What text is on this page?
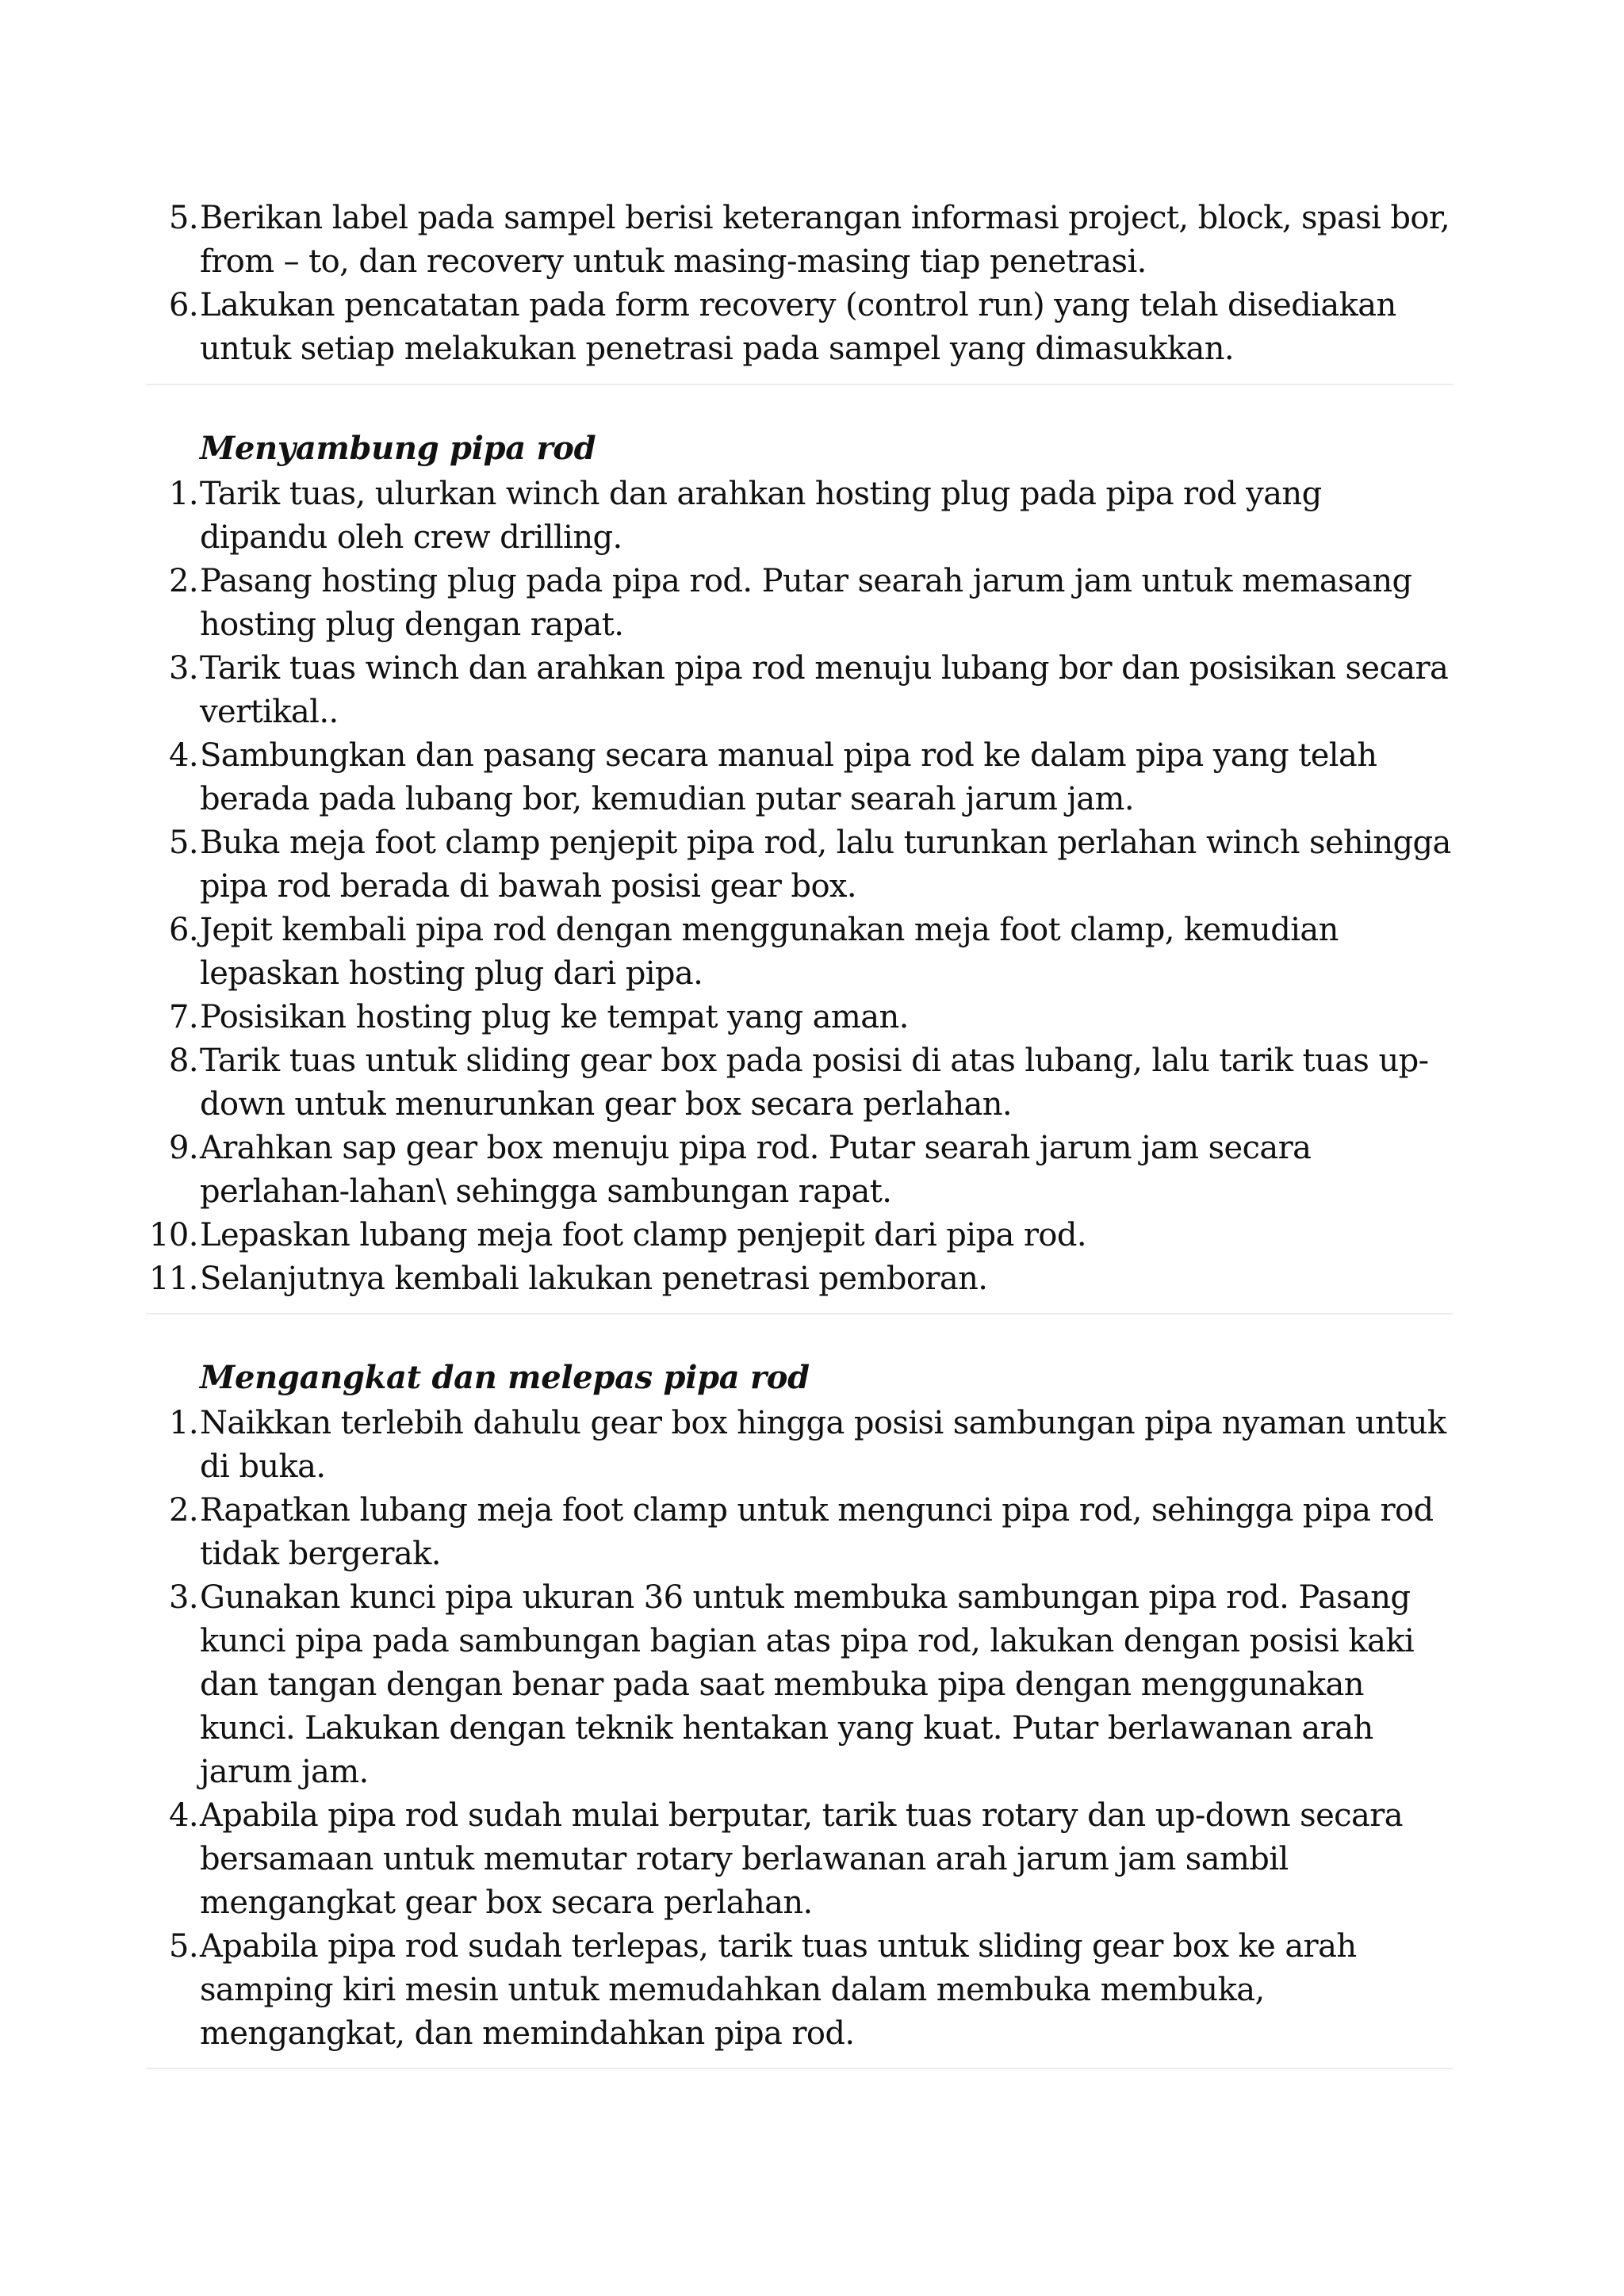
5. Berikan label pada sampel berisi keterangan informasi project, block, spasi bor, from – to, dan recovery untuk masing-masing tiap penetrasi.
6. Lakukan pencatatan pada form recovery (control run) yang telah disediakan untuk setiap melakukan penetrasi pada sampel yang dimasukkan.
Menyambung pipa rod
1. Tarik tuas, ulurkan winch dan arahkan hosting plug pada pipa rod yang dipandu oleh crew drilling.
2. Pasang hosting plug pada pipa rod. Putar searah jarum jam untuk memasang hosting plug dengan rapat.
3. Tarik tuas winch dan arahkan pipa rod menuju lubang bor dan posisikan secara vertikal..
4. Sambungkan dan pasang secara manual pipa rod ke dalam pipa yang telah berada pada lubang bor, kemudian putar searah jarum jam.
5. Buka meja foot clamp penjepit pipa rod, lalu turunkan perlahan winch sehingga pipa rod berada di bawah posisi gear box.
6. Jepit kembali pipa rod dengan menggunakan meja foot clamp, kemudian lepaskan hosting plug dari pipa.
7. Posisikan hosting plug ke tempat yang aman.
8. Tarik tuas untuk sliding gear box pada posisi di atas lubang, lalu tarik tuas up-down untuk menurunkan gear box secara perlahan.
9. Arahkan sap gear box menuju pipa rod. Putar searah jarum jam secara perlahan-lahan\ sehingga sambungan rapat.
10. Lepaskan lubang meja foot clamp penjepit dari pipa rod.
11. Selanjutnya kembali lakukan penetrasi pemboran.
Mengangkat dan melepas pipa rod
1. Naikkan terlebih dahulu gear box hingga posisi sambungan pipa nyaman untuk di buka.
2. Rapatkan lubang meja foot clamp untuk mengunci pipa rod, sehingga pipa rod tidak bergerak.
3. Gunakan kunci pipa ukuran 36 untuk membuka sambungan pipa rod. Pasang kunci pipa pada sambungan bagian atas pipa rod, lakukan dengan posisi kaki dan tangan dengan benar pada saat membuka pipa dengan menggunakan kunci. Lakukan dengan teknik hentakan yang kuat. Putar berlawanan arah jarum jam.
4. Apabila pipa rod sudah mulai berputar, tarik tuas rotary dan up-down secara bersamaan untuk memutar rotary berlawanan arah jarum jam sambil mengangkat gear box secara perlahan.
5. Apabila pipa rod sudah terlepas, tarik tuas untuk sliding gear box ke arah samping kiri mesin untuk memudahkan dalam membuka membuka, mengangkat, dan memindahkan pipa rod.
